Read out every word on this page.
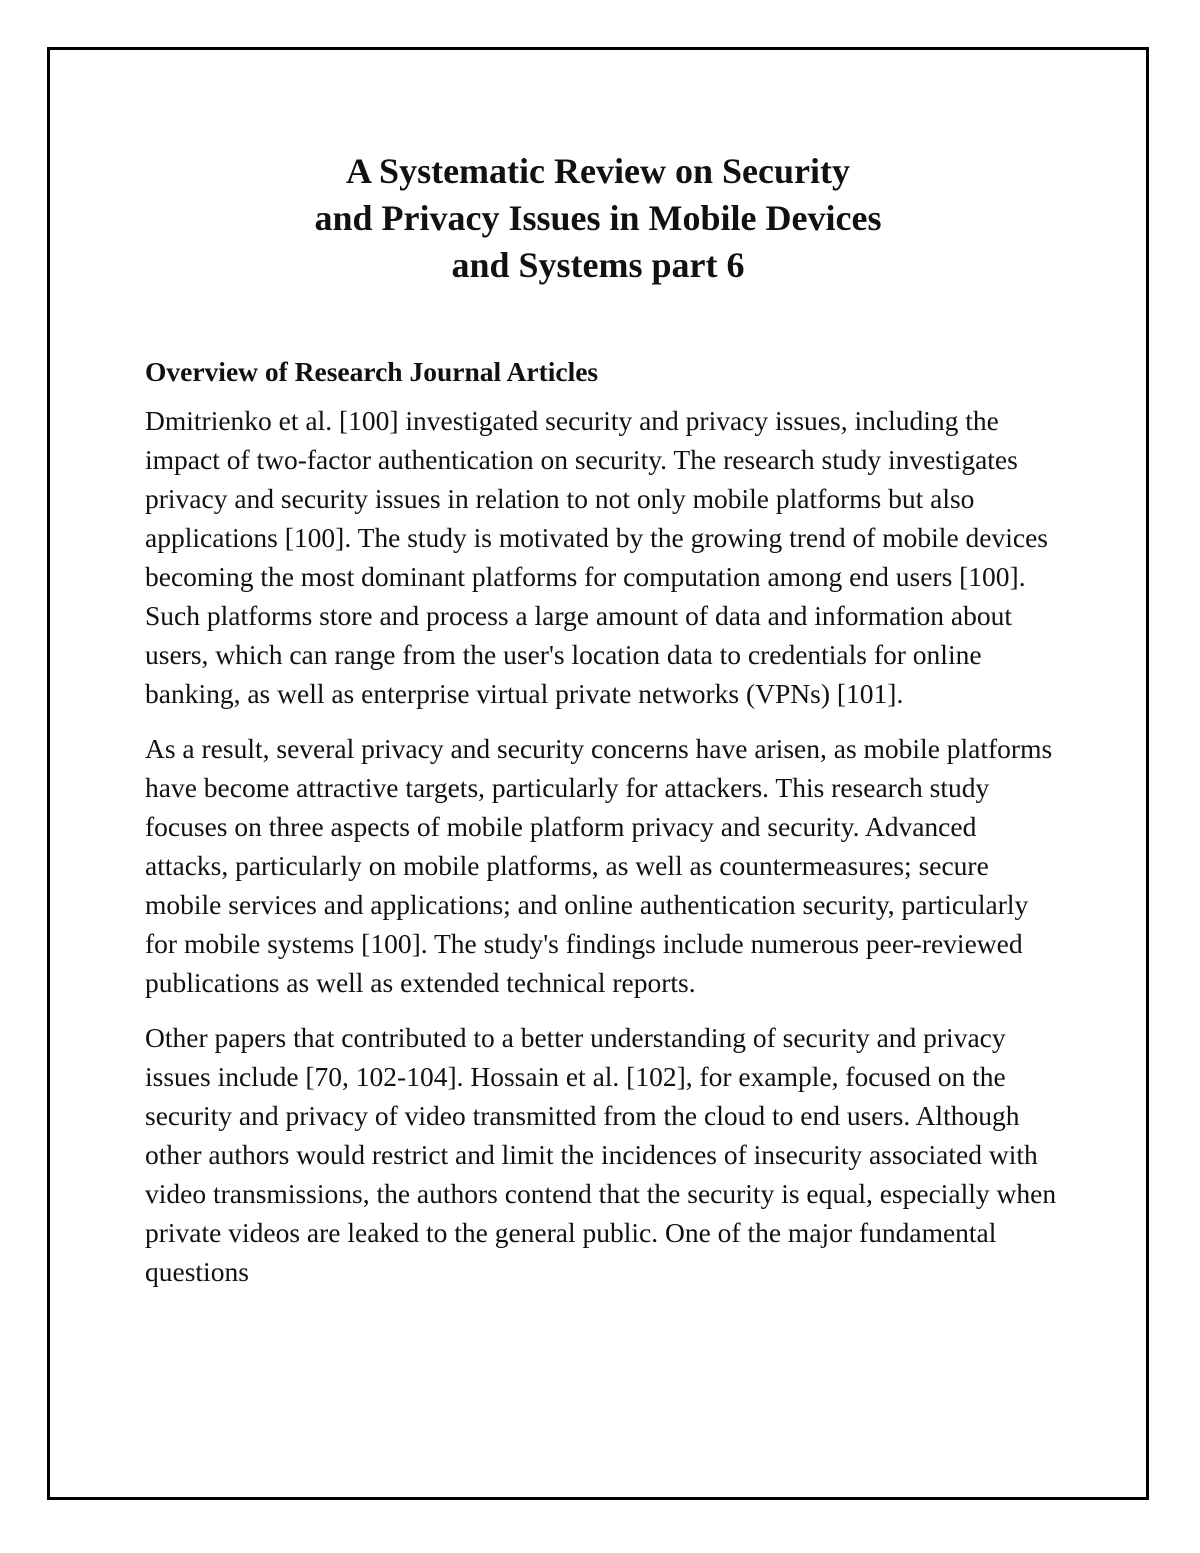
A Systematic Review on Security
and Privacy Issues in Mobile Devices
and Systems part 6
Overview of Research Journal Articles

Dmitrienko et al. [100] investigated security and privacy issues, including the impact of two-factor authentication on security. The research study investigates privacy and security issues in relation to not only mobile platforms but also applications [100]. The study is motivated by the growing trend of mobile devices becoming the most dominant platforms for computation among end users [100]. Such platforms store and process a large amount of data and information about users, which can range from the user's location data to credentials for online banking, as well as enterprise virtual private networks (VPNs) [101].

As a result, several privacy and security concerns have arisen, as mobile platforms have become attractive targets, particularly for attackers. This research study focuses on three aspects of mobile platform privacy and security. Advanced attacks, particularly on mobile platforms, as well as countermeasures; secure mobile services and applications; and online authentication security, particularly for mobile systems [100]. The study's findings include numerous peer-reviewed publications as well as extended technical reports.

Other papers that contributed to a better understanding of security and privacy issues include [70, 102-104]. Hossain et al. [102], for example, focused on the security and privacy of video transmitted from the cloud to end users. Although other authors would restrict and limit the incidences of insecurity associated with video transmissions, the authors contend that the security is equal, especially when private videos are leaked to the general public. One of the major fundamental questions
